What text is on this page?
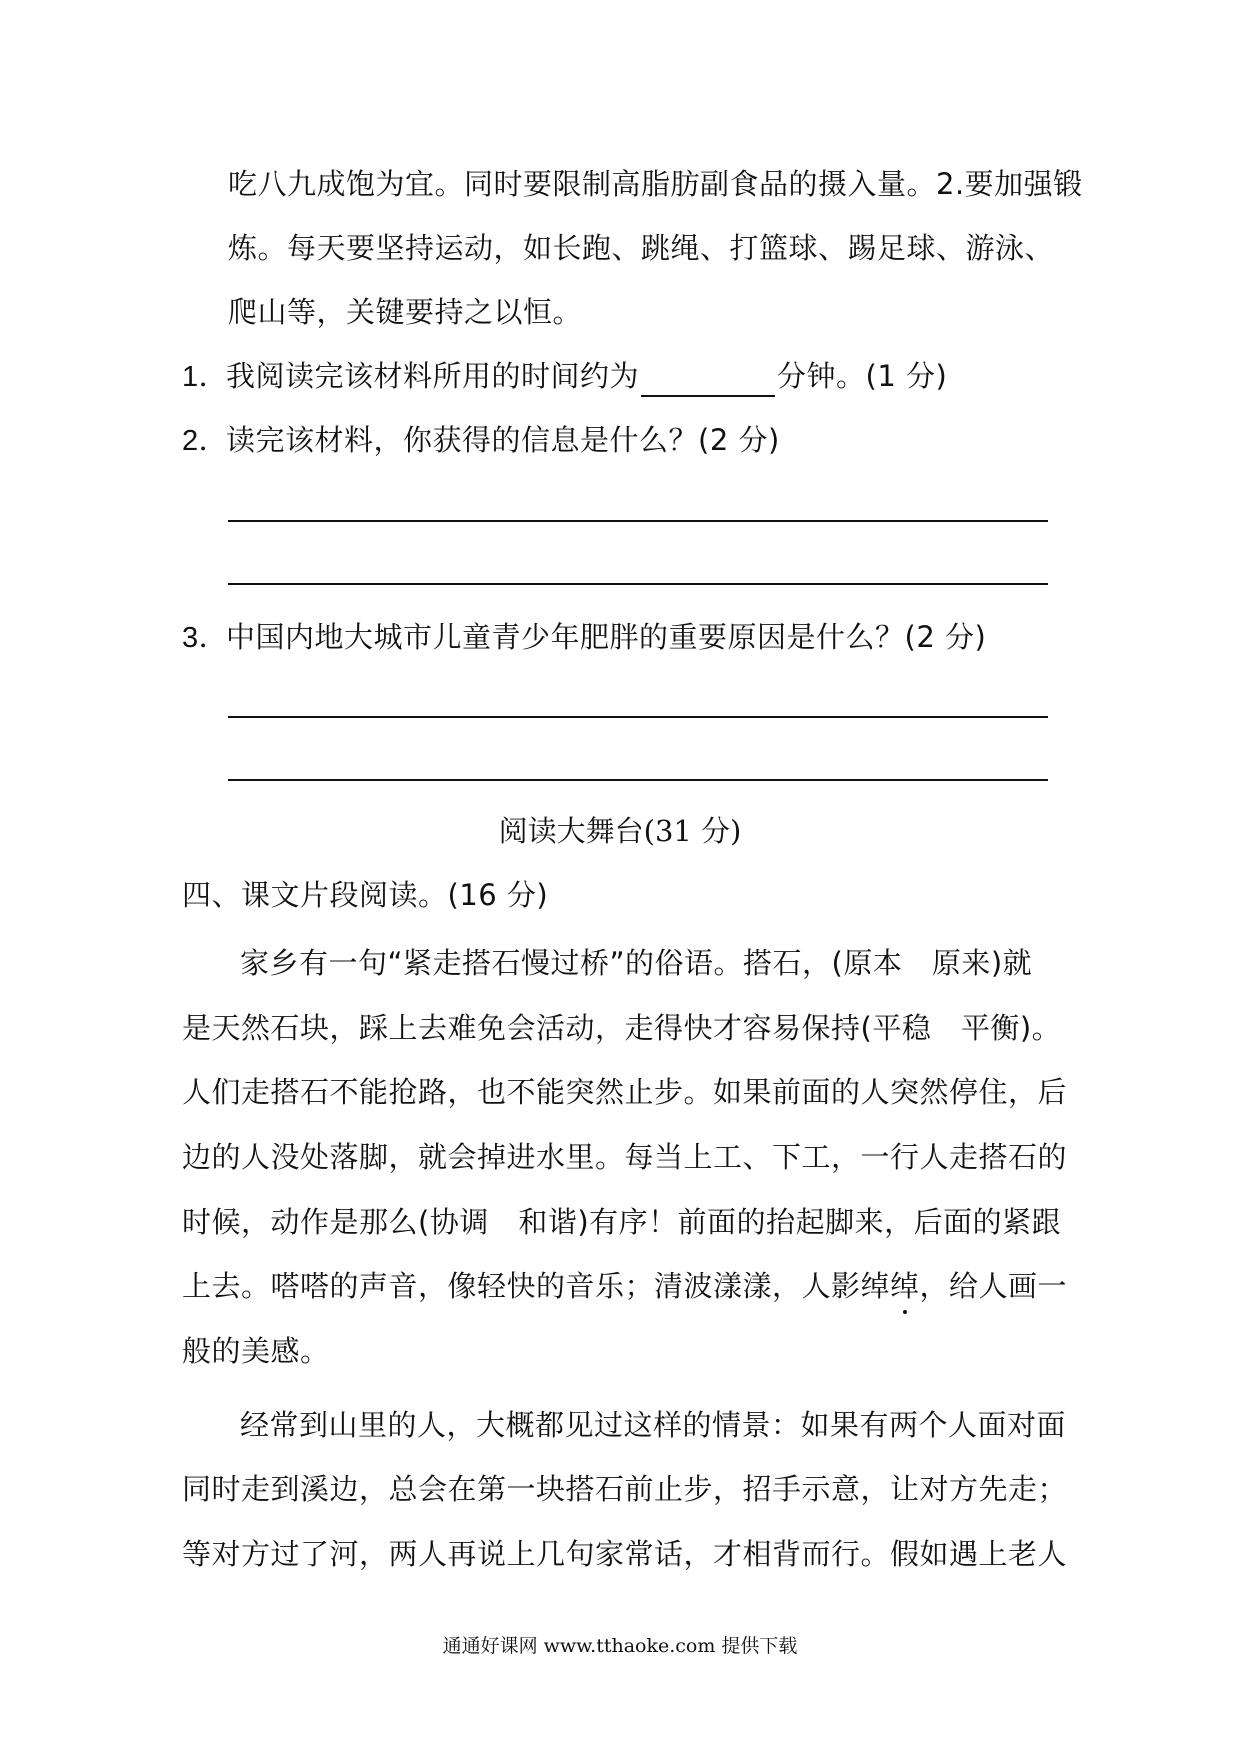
吃八九成饱为宜。同时要限制高脂肪副食品的摄入量。2.要加强锻
炼。每天要坚持运动，如长跑、跳绳、打篮球、踢足球、游泳、
爬山等，关键要持之以恒。
1．我阅读完该材料所用的时间约为	分钟。(1 分)
2．读完该材料，你获得的信息是什么？(2 分)
3．中国内地大城市儿童青少年肥胖的重要原因是什么？(2 分)
阅读大舞台(31 分)
四、课文片段阅读。(16 分)
家乡有一句“紧走搭石慢过桥”的俗语。搭石，(原本　原来)就
是天然石块，踩上去难免会活动，走得快才容易保持(平稳　平衡)。
人们走搭石不能抢路，也不能突然止步。如果前面的人突然停住，后
边的人没处落脚，就会掉进水里。每当上工、下工，一行人走搭石的
时候，动作是那么(协调　和谐)有序！前面的抬起脚来，后面的紧跟
上去。嗒嗒的声音，像轻快的音乐；清波漾漾，人影绰绰，给人画一
般的美感。
经常到山里的人，大概都见过这样的情景：如果有两个人面对面
同时走到溪边，总会在第一块搭石前止步，招手示意，让对方先走；
等对方过了河，两人再说上几句家常话，才相背而行。假如遇上老人
通通好课网 www.tthaoke.com 提供下载
